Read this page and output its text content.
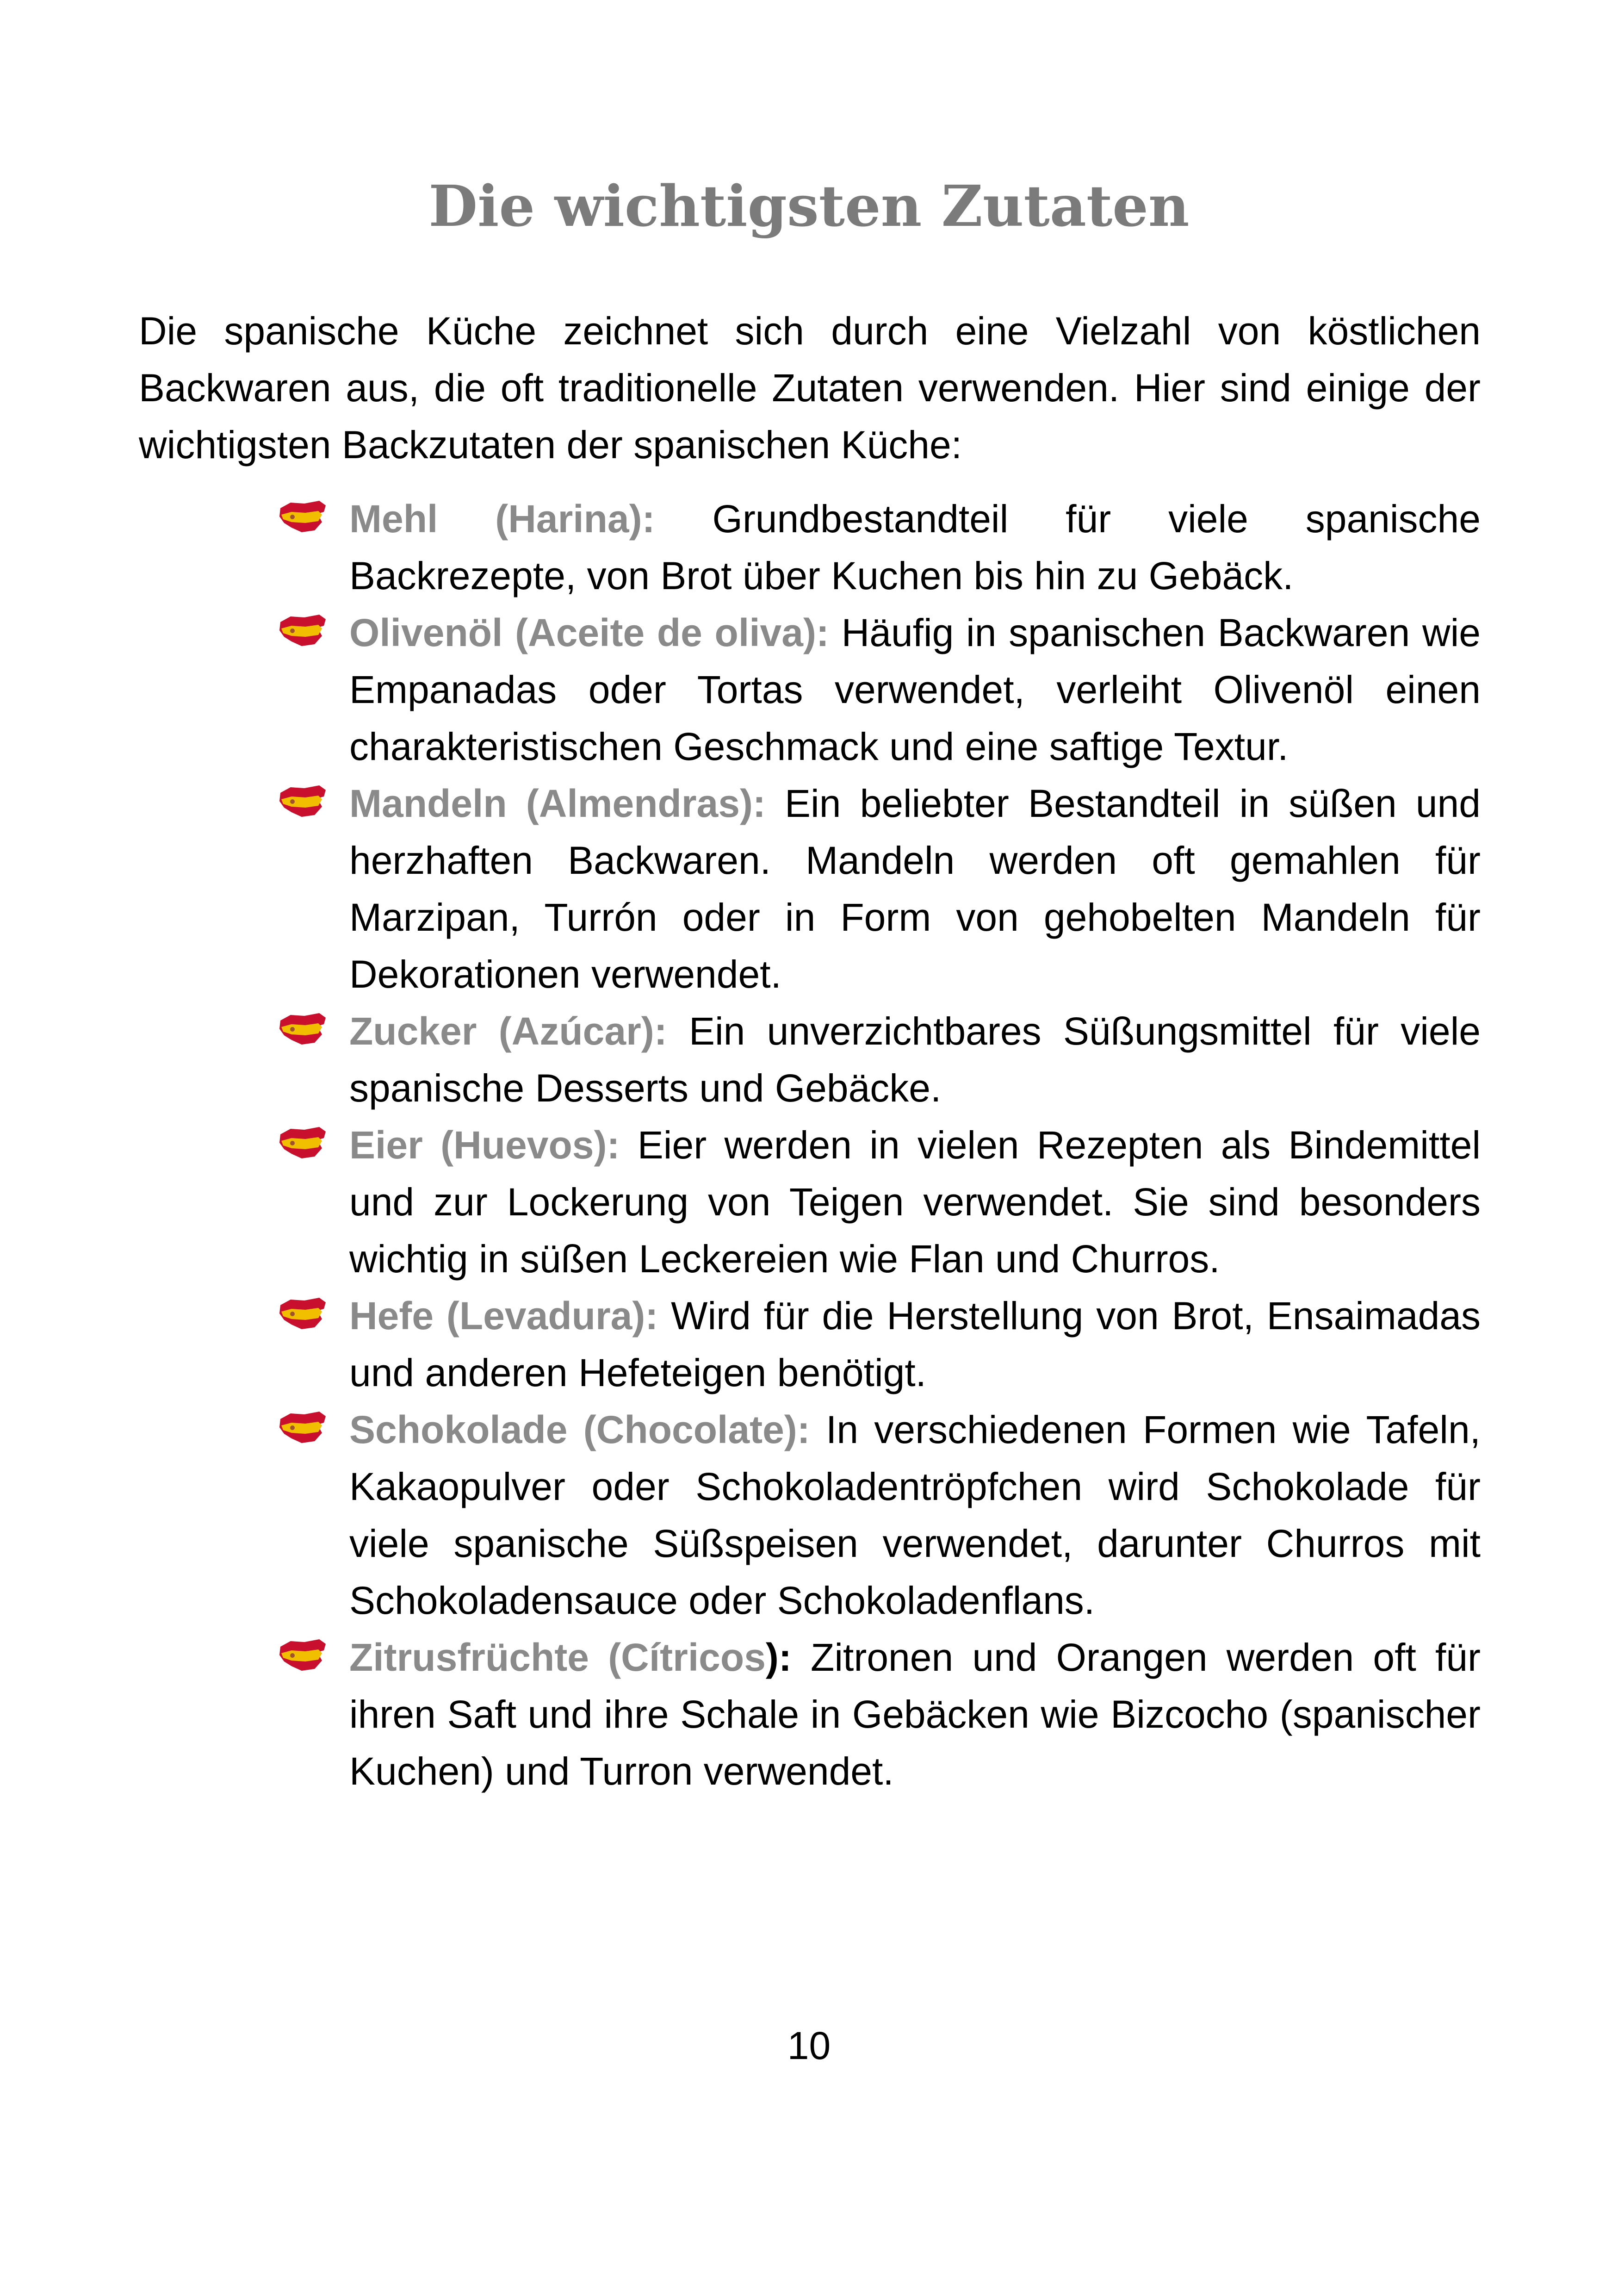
Die wichtigsten Zutaten

Die spanische Küche zeichnet sich durch eine Vielzahl von köstlichen Backwaren aus, die oft traditionelle Zutaten verwenden. Hier sind einige der wichtigsten Backzutaten der spanischen Küche:

Mehl (Harina): Grundbestandteil für viele spanische Backrezepte, von Brot über Kuchen bis hin zu Gebäck.
Olivenöl (Aceite de oliva): Häufig in spanischen Backwaren wie Empanadas oder Tortas verwendet, verleiht Olivenöl einen charakteristischen Geschmack und eine saftige Textur.
Mandeln (Almendras): Ein beliebter Bestandteil in süßen und herzhaften Backwaren. Mandeln werden oft gemahlen für Marzipan, Turrón oder in Form von gehobelten Mandeln für Dekorationen verwendet.
Zucker (Azúcar): Ein unverzichtbares Süßungsmittel für viele spanische Desserts und Gebäcke.
Eier (Huevos): Eier werden in vielen Rezepten als Bindemittel und zur Lockerung von Teigen verwendet. Sie sind besonders wichtig in süßen Leckereien wie Flan und Churros.
Hefe (Levadura): Wird für die Herstellung von Brot, Ensaimadas und anderen Hefeteigen benötigt.
Schokolade (Chocolate): In verschiedenen Formen wie Tafeln, Kakaopulver oder Schokoladentröpfchen wird Schokolade für viele spanische Süßspeisen verwendet, darunter Churros mit Schokoladensauce oder Schokoladenflans.
Zitrusfrüchte (Cítricos): Zitronen und Orangen werden oft für ihren Saft und ihre Schale in Gebäcken wie Bizcocho (spanischer Kuchen) und Turron verwendet.
10
